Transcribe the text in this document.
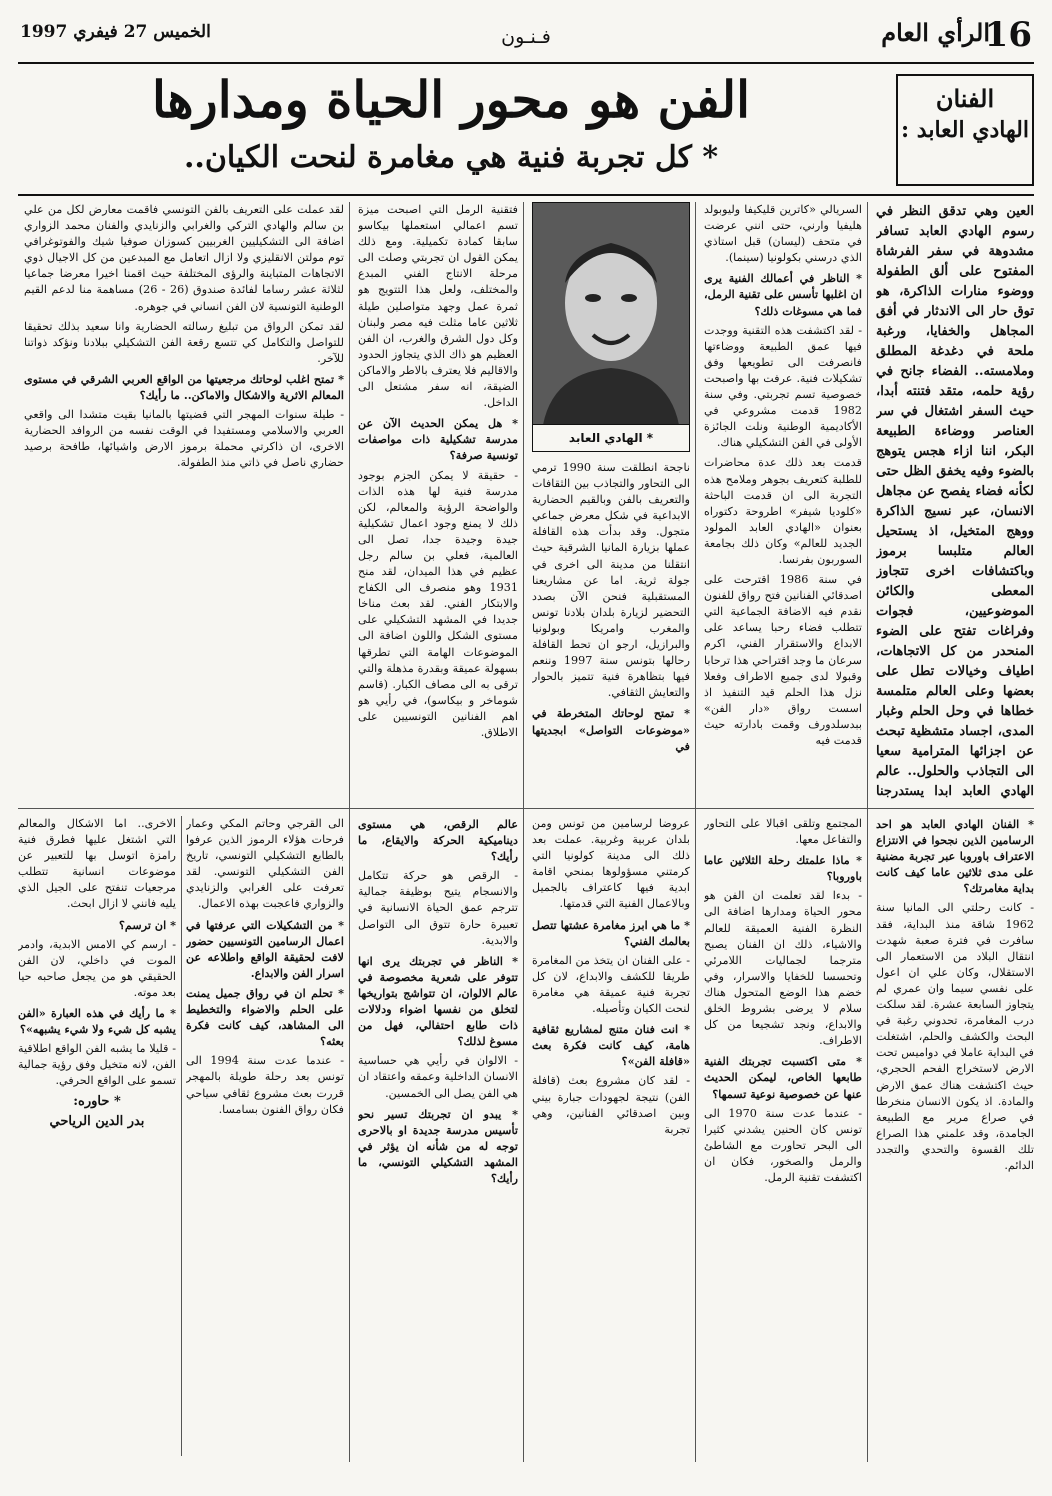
16
الرأي العام
فـنـون
الخميس 27 فيفري 1997
الفنان
الهادي العابد :
الفن هو محور الحياة ومدارها
* كل تجربة فنية هي مغامرة لنحت الكيان..

العين وهي تدقق النظر في رسوم الهادي العابد تسافر مشدوهة في سفر الفرشاة المفتوح على ألق الطفولة ووضوء منارات الذاكرة، هو توق حار الى الاندثار في أفق المجاهل والخفايا، ورغبة ملحة في دغدغة المطلق وملامسته.. الفضاء جانح في رؤية حلمه، متقد فتنته أبدا، حيث السفر اشتغال في سر العناصر ووضاءة الطبيعة البكر، اننا ازاء هجس يتوهج بالضوء وفيه يخفق الظل حتى لكأنه فضاء يفصح عن مجاهل الانسان، عبر نسيج الذاكرة ووهج المتخيل، اذ يستحيل العالم متلبسا برموز وباكتشافات اخرى تتجاوز المعطى والكائن الموضوعيين، فجوات وفراغات تفتح على الضوء المنحدر من كل الاتجاهات، اطياف وخيالات تطل على بعضها وعلى العالم متلمسة خطاها في وحل الحلم وغبار المدى، اجساد متشظية تبحث عن اجزائها المترامية سعيا الى التجاذب والحلول.. عالم الهادي العابد ابدا يستدرجنا

السريالي «كاترين قليكيفا وليوبولد هليفيا وارني، حتى انني عرضت في متحف (ليسان) قبل استاذي الذي درسني بكولونيا (سينما).

* الناظر في أعمالك الفنية يرى ان اغلبها تأسس على تقنية الرمل، فما هي مسوغات ذلك؟

- لقد اكتشفت هذه التقنية ووجدت فيها عمق الطبيعة ووضاءتها فانصرفت الى تطويعها وفق تشكيلات فنية. عرفت بها واصبحت خصوصية تسم تجربتي. وفي سنة 1982 قدمت مشروعي في الأكاديمية الوطنية ونلت الجائزة الأولى في الفن التشكيلي هناك.

قدمت بعد ذلك عدة محاضرات للطلبة كتعريف بجوهر وملامح هذه التجربة الى ان قدمت الباحثة «كلوديا شيفر» اطروحة دكتوراه بعنوان «الهادي العابد المولود الجديد للعالم» وكان ذلك بجامعة السوربون بفرنسا.

في سنة 1986 اقترحت على اصدقائي الفنانين فتح رواق للفنون نقدم فيه الاضافة الجماعية التي تتطلب فضاء رحبا يساعد على الابداع والاستقرار الفني، اكرم سرعان ما وجد اقتراحي هذا ترحابا وقبولا لدى جميع الاطراف وفعلا نزل هذا الحلم قيد التنفيذ اذ اسست رواق «دار الفن» ببدسلدورف وقمت بادارته حيث قدمت فيه

* الهادي العابد

ناجحة انطلقت سنة 1990 ترمي الى التحاور والتجاذب بين الثقافات والتعريف بالفن وبالقيم الحضارية الابداعية في شكل معرض جماعي متجول. وقد بدأت هذه القافلة عملها بزيارة المانيا الشرقية حيث انتقلنا من مدينة الى اخرى في جولة ثرية. اما عن مشاريعنا المستقبلية فنحن الآن بصدد التحضير لزيارة بلدان بلادنا تونس والمغرب وامريكا وبولونيا والبرازيل، ارجو ان تحط القافلة رحالها بتونس سنة 1997 وننعم فيها بتظاهرة فنية تتميز بالحوار والتعايش الثقافي.

* تمتح لوحاتك المتخرطة في «موضوعات التواصل» ابجديتها في

فتقنية الرمل التي اصبحت ميزة تسم اعمالي استعملها بيكاسو سابقا كمادة تكميلية. ومع ذلك يمكن القول ان تجربتي وصلت الى مرحلة الانتاج الفني المبدع والمختلف، ولعل هذا التتويج هو ثمرة عمل وجهد متواصلين طيلة ثلاثين عاما مثلت فيه مصر ولبنان وكل دول الشرق والغرب، ان الفن العظيم هو ذاك الذي يتجاوز الحدود والاقاليم فلا يعترف بالاطر والاماكن الضيقة، انه سفر مشتعل الى الداخل.

* هل يمكن الحديث الآن عن مدرسة تشكيلية ذات مواصفات تونسية صرفة؟

- حقيقة لا يمكن الجزم بوجود مدرسة فنية لها هذه الذات والواضحة الرؤية والمعالم، لكن ذلك لا يمنع وجود اعمال تشكيلية جيدة وجيدة جدا، تصل الى العالمية، فعلي بن سالم رجل عظيم في هذا الميدان، لقد منح 1931 وهو منصرف الى الكفاح والابتكار الفني. لقد بعث مناخا جديدا في المشهد التشكيلي على مستوى الشكل واللون اضافة الى الموضوعات الهامة التي تطرقها بسهولة عميقة وبقدرة مذهلة والتي ترقى به الى مصاف الكبار. (قاسم شوماخر و بيكاسو)، في رأيي هو اهم الفنانين التونسيين على الاطلاق.

لقد عملت على التعريف بالفن التونسي فاقمت معارض لكل من علي بن سالم والهادي التركي والغرابي والزنايدي والفنان محمد الزواري اضافة الى التشكيليين الغربيين كسوزان صوفيا شيك والفوتوغرافي توم مولتن الانقليزي ولا ازال اتعامل مع المبدعين من كل الاجيال ذوي الاتجاهات المتباينة والرؤى المختلفة حيث اقمنا اخيرا معرضا جماعيا لثلاثة عشر رساما لفائدة صندوق (26 - 26) مساهمة منا لدعم القيم الوطنية التونسية لان الفن انساني في جوهره.

لقد تمكن الرواق من تبليغ رسالته الحضارية وانا سعيد بذلك تحقيقا للتواصل والتكامل كي تتسع رقعة الفن التشكيلي ببلادنا ونؤكد ذواتنا للآخر.

* تمتح اغلب لوحاتك مرجعيتها من الواقع العربي الشرقي في مستوى المعالم الاثرية والاشكال والاماكن.. ما رأيك؟

- طيلة سنوات المهجر التي قضيتها بالمانيا بقيت متشدا الى واقعي العربي والاسلامي ومستفيدا في الوقت نفسه من الروافد الحضارية الاخرى، ان ذاكرتي محملة برموز الارض واشيائها، طافحة برصيد حضاري ناصل في ذاتي منذ الطفولة.

* الفنان الهادي العابد هو احد الرسامين الذين نجحوا في الانتزاع الاعتراف باوروبا عبر تجربة مضنية على مدى ثلاثين عاما كيف كانت بداية مغامرتك؟

- كانت رحلتي الى المانيا سنة 1962 شاقة منذ البداية، فقد سافرت في فترة صعبة شهدت انتقال البلاد من الاستعمار الى الاستقلال، وكان علي ان اعول على نفسي سيما وان عمري لم يتجاوز السابعة عشرة. لقد سلكت درب المغامرة، تحدوني رغبة في البحث والكشف والحلم، اشتغلت في البداية عاملا في دواميس تحت الارض لاستخراج الفحم الحجري، حيث اكتشفت هناك عمق الارض والمادة. اذ يكون الانسان منخرطا في صراع مرير مع الطبيعة الجامدة، وقد علمني هذا الصراع تلك القسوة والتحدي والتجدد الدائم.

المجتمع وتلقى اقبالا على التحاور والتفاعل معها.

* ماذا علمتك رحلة الثلاثين عاما باوروبا؟

- بدءا لقد تعلمت ان الفن هو محور الحياة ومدارها اضافة الى النظرة الفنية العميقة للعالم والاشياء، ذلك ان الفنان يصبح مترجما لجماليات اللامرئي وتحسسا للخفايا والاسرار، وفي خضم هذا الوضع المتحول هناك سلام لا يرضى بشروط الخلق والابداع، ونجد تشجيعا من كل الاطراف.

* متى اكتسبت تجربتك الفنية طابعها الخاص، ليمكن الحديث عنها عن خصوصية نوعية تسمها؟

- عندما عدت سنة 1970 الى تونس كان الحنين يشدني كثيرا الى البحر تحاورت مع الشاطئ والرمل والصخور، فكان ان اكتشفت تقنية الرمل.

عروضا لرسامين من تونس ومن بلدان عربية وغربية. عملت بعد ذلك الى مدينة كولونيا التي كرمتني مسؤولوها بمنحي اقامة ابدية فيها كاعتراف بالجميل وبالاعمال الفنية التي قدمتها.

* ما هي ابرز مغامرة عشتها تتصل بعالمك الفني؟

- على الفنان ان يتخذ من المغامرة طريقا للكشف والابداع، لان كل تجربة فنية عميقة هي مغامرة لنحت الكيان وتأصيله.

* انت فنان متنج لمشاريع ثقافية هامة، كيف كانت فكرة بعث «قافلة الفن»؟

- لقد كان مشروع بعث (قافلة الفن) نتيجة لجهودات جبارة بيني وبين اصدقائي الفنانين، وهي تجربة

عالم الرقص، هي مستوى ديناميكية الحركة والايقاع، ما رأيك؟

- الرقص هو حركة تتكامل والانسجام يتيح بوظيفة جمالية تترجم عمق الحياة الانسانية في تعبيرة حارة تتوق الى التواصل والابدية.

* الناظر في تجربتك يرى انها تتوفر على شعرية مخصوصة في عالم الالوان، ان تتواشج بتواريخها لتخلق من نفسها اضواء ودلالات ذات طابع احتفالي، فهل من مسوغ لذلك؟

- الالوان في رأيي هي حساسية الانسان الداخلية وعمقه واعتقاد ان هي الفن يصل الى الخمسين.

* يبدو ان تجربتك تسير نحو تأسيس مدرسة جديدة او بالاحرى توجه له من شأنه ان يؤثر في المشهد التشكيلي التونسي، ما رأيك؟

الى القرجي وحاتم المكي وعمار فرحات هؤلاء الرموز الذين عرفوا بالطابع التشكيلي التونسي، تاريخ الفن التشكيلي التونسي. لقد تعرفت على الغرابي والزنايدي والزواري فاعجبت بهذه الاعمال.

* من التشكيلات التي عرفتها في اعمال الرسامين التونسيين حضور لافت لحقيقة الواقع واطلاعه عن اسرار الفن والابداع.

* تحلم ان في رواق جميل يمنت على الحلم والاضواء والتخطيط الى المشاهد، كيف كانت فكرة بعثه؟

- عندما عدت سنة 1994 الى تونس بعد رحلة طويلة بالمهجر قررت بعث مشروع ثقافي سياحي فكان رواق الفنون بسامسا.

الاخرى.. اما الاشكال والمعالم التي اشتغل عليها فطرق فنية رامزة اتوسل بها للتعبير عن موضوعات انسانية تتطلب مرجعيات تنفتح على الجيل الذي يليه فانني لا ازال ابحث.

* ان ترسم؟

- ارسم كي الامس الابدية، وادمر الموت في داخلي، لان الفن الحقيقي هو من يجعل صاحبه حيا بعد موته.

* ما رأيك في هذه العبارة «الفن يشبه كل شيء ولا شيء يشبهه»؟

- قليلا ما يشبه الفن الواقع اطلاقية الفن، لانه متخيل وفق رؤية جمالية تسمو على الواقع الحرفي.

* حاوره:

بدر الدين الرياحي
